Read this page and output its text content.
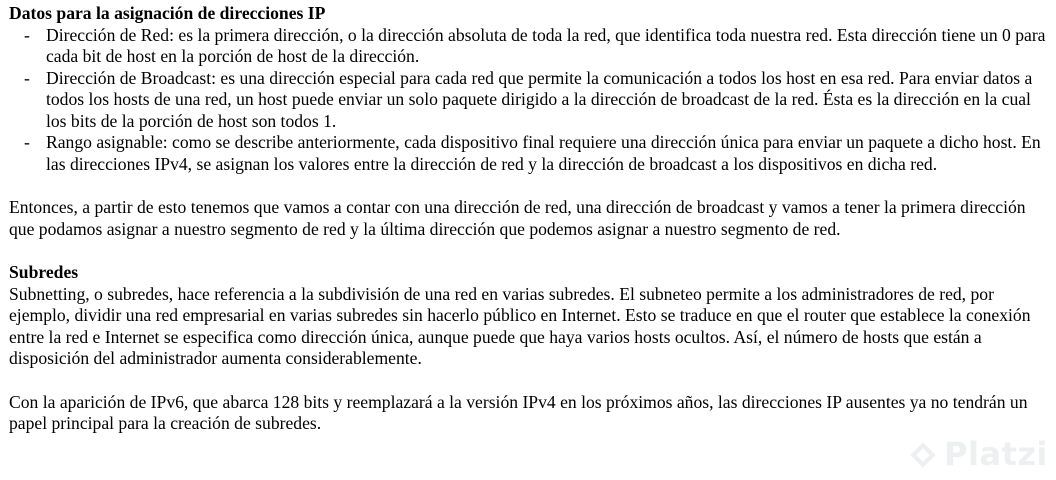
Datos para la asignación de direcciones IP

- Dirección de Red: es la primera dirección, o la dirección absoluta de toda la red, que identifica toda nuestra red. Esta dirección tiene un 0 para cada bit de host en la porción de host de la dirección.
- Dirección de Broadcast: es una dirección especial para cada red que permite la comunicación a todos los host en esa red. Para enviar datos a todos los hosts de una red, un host puede enviar un solo paquete dirigido a la dirección de broadcast de la red. Ésta es la dirección en la cual los bits de la porción de host son todos 1.
- Rango asignable: como se describe anteriormente, cada dispositivo final requiere una dirección única para enviar un paquete a dicho host. En las direcciones IPv4, se asignan los valores entre la dirección de red y la dirección de broadcast a los dispositivos en dicha red.

Entonces, a partir de esto tenemos que vamos a contar con una dirección de red, una dirección de broadcast y vamos a tener la primera dirección que podamos asignar a nuestro segmento de red y la última dirección que podemos asignar a nuestro segmento de red.

Subredes

Subnetting, o subredes, hace referencia a la subdivisión de una red en varias subredes. El subneteo permite a los administradores de red, por ejemplo, dividir una red empresarial en varias subredes sin hacerlo público en Internet. Esto se traduce en que el router que establece la conexión entre la red e Internet se especifica como dirección única, aunque puede que haya varios hosts ocultos. Así, el número de hosts que están a disposición del administrador aumenta considerablemente.

Con la aparición de IPv6, que abarca 128 bits y reemplazará a la versión IPv4 en los próximos años, las direcciones IP ausentes ya no tendrán un papel principal para la creación de subredes.

Platzi
